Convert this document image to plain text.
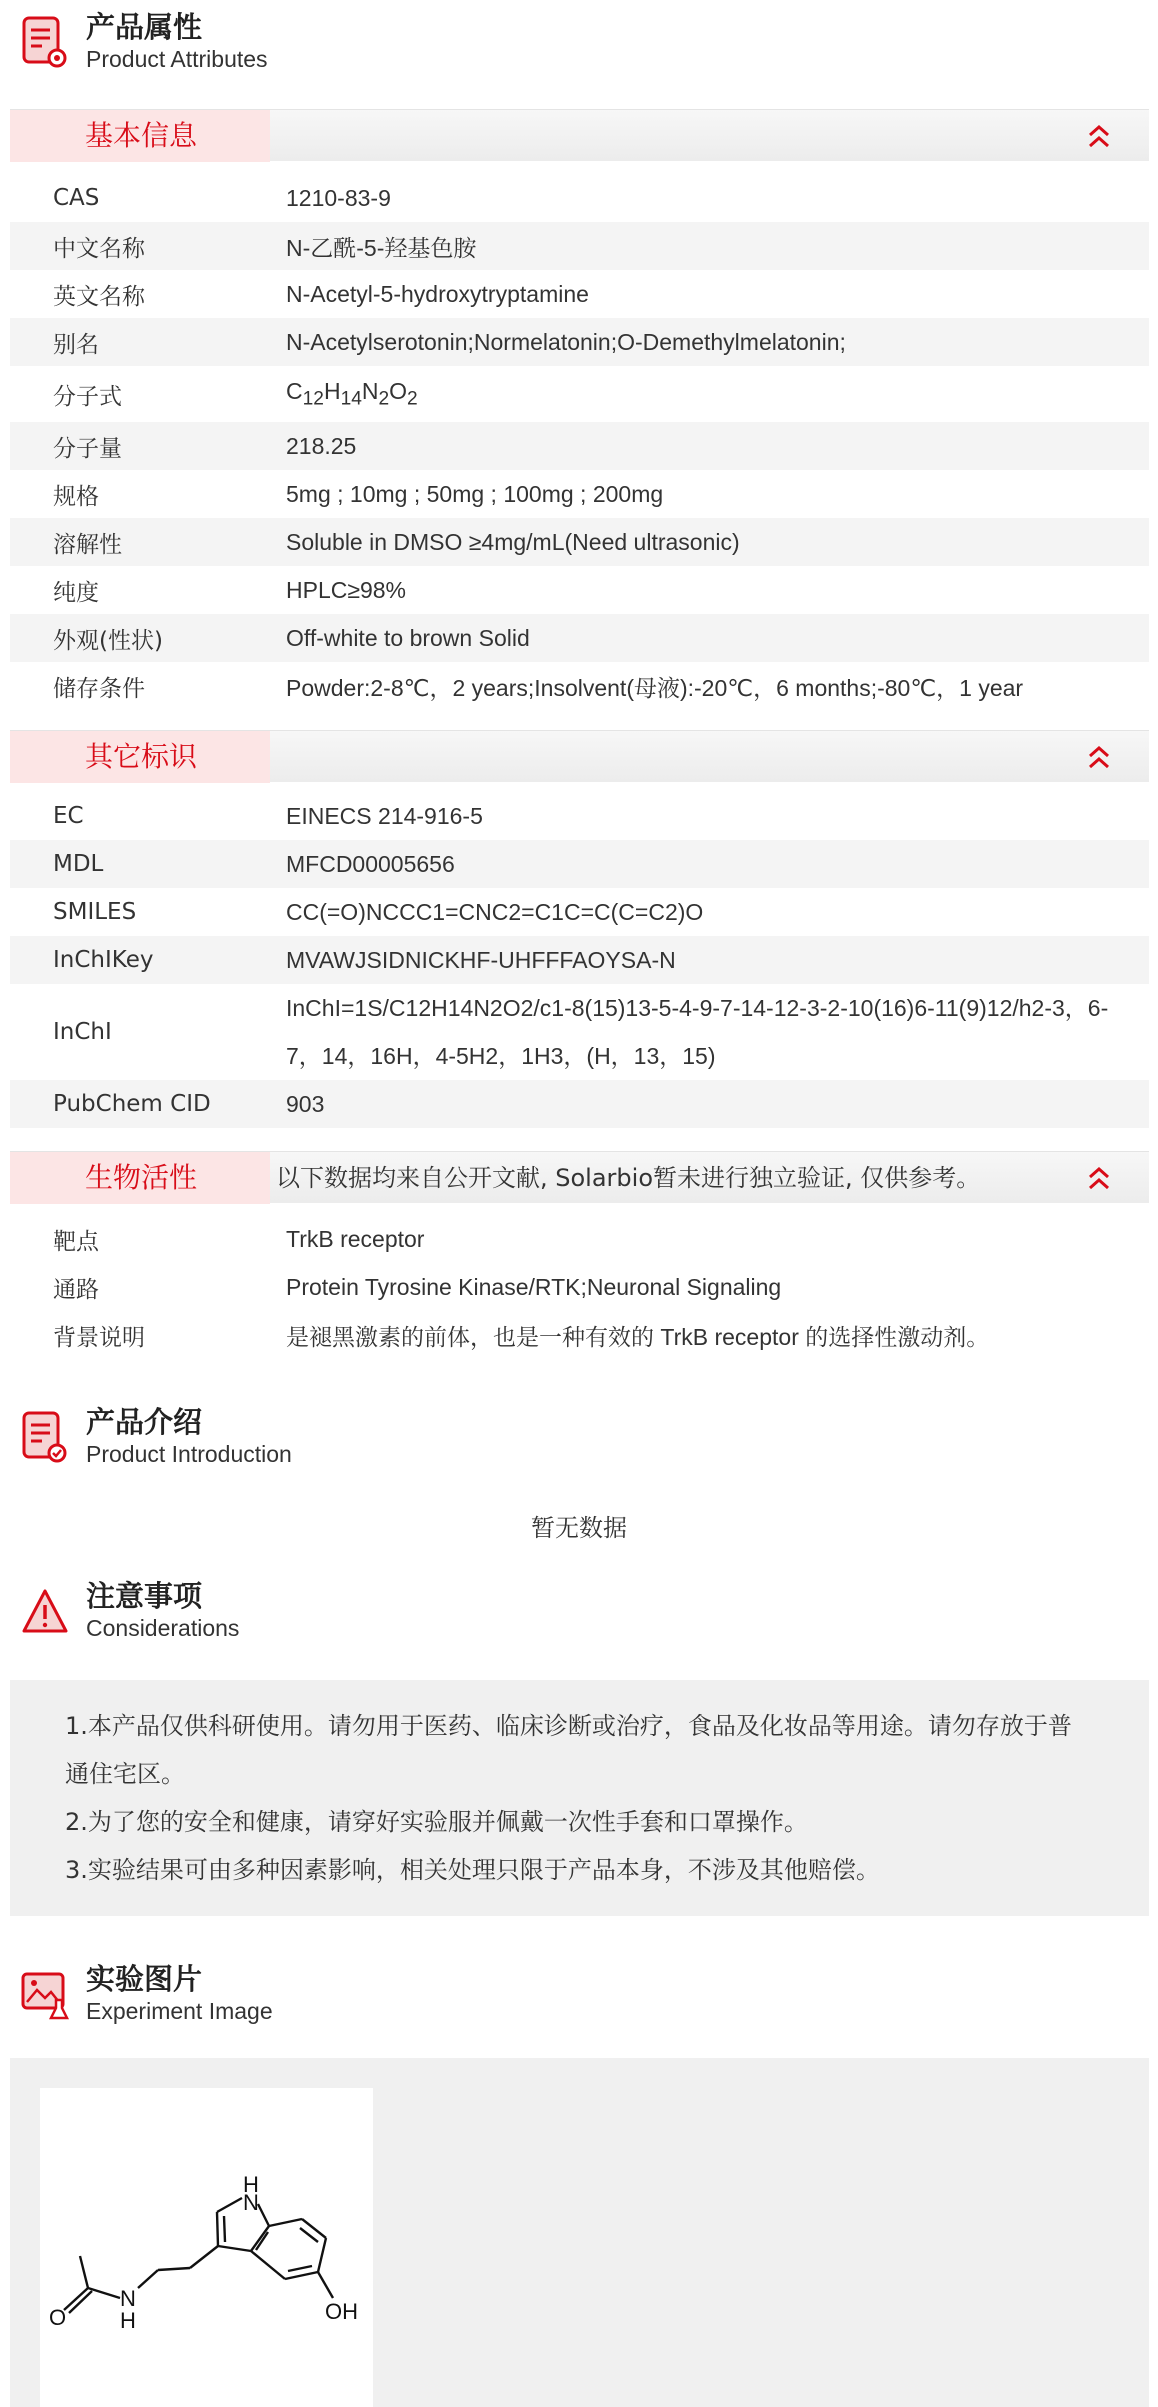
产品属性
Product Attributes
基本信息
CAS	1210-83-9
中文名称	N-乙酰-5-羟基色胺
英文名称	N-Acetyl-5-hydroxytryptamine
别名	N-Acetylserotonin;Normelatonin;O-Demethylmelatonin;
分子式	$C_{12}H_{14}N_2O_2$
分子量	218.25
规格	5mg ; 10mg ; 50mg ; 100mg ; 200mg
溶解性	Soluble in DMSO ≥4mg/mL(Need ultrasonic)
纯度	HPLC≥98%
外观(性状)	Off-white to brown Solid
储存条件	Powder:2-8℃，2 years;Insolvent(母液):-20℃，6 months;-80℃，1 year
其它标识
EC	EINECS 214-916-5
MDL	MFCD00005656
SMILES	CC(=O)NCCC1=CNC2=C1C=C(C=C2)O
InChIKey	MVAWJSIDNICKHF-UHFFFAOYSA-N
InChI
InChI=1S/C12H14N2O2/c1-8(15)13-5-4-9-7-14-12-3-2-10(16)6-11(9)12/h2-3，6-7，14，16H，4-5H2，1H3，(H，13，15)
PubChem CID	903
生物活性	以下数据均来自公开文献, Solarbio暂未进行独立验证, 仅供参考。
靶点	TrkB receptor
通路	Protein Tyrosine Kinase/RTK;Neuronal Signaling
背景说明	是褪黑激素的前体，也是一种有效的 TrkB receptor 的选择性激动剂。
产品介绍
Product Introduction
暂无数据
注意事项
Considerations
1.本产品仅供科研使用。请勿用于医药、临床诊断或治疗，食品及化妆品等用途。请勿存放于普通住宅区。
2.为了您的安全和健康，请穿好实验服并佩戴一次性手套和口罩操作。
3.实验结果可由多种因素影响，相关处理只限于产品本身，不涉及其他赔偿。
实验图片
Experiment Image
H
N
N
H
O	OH
